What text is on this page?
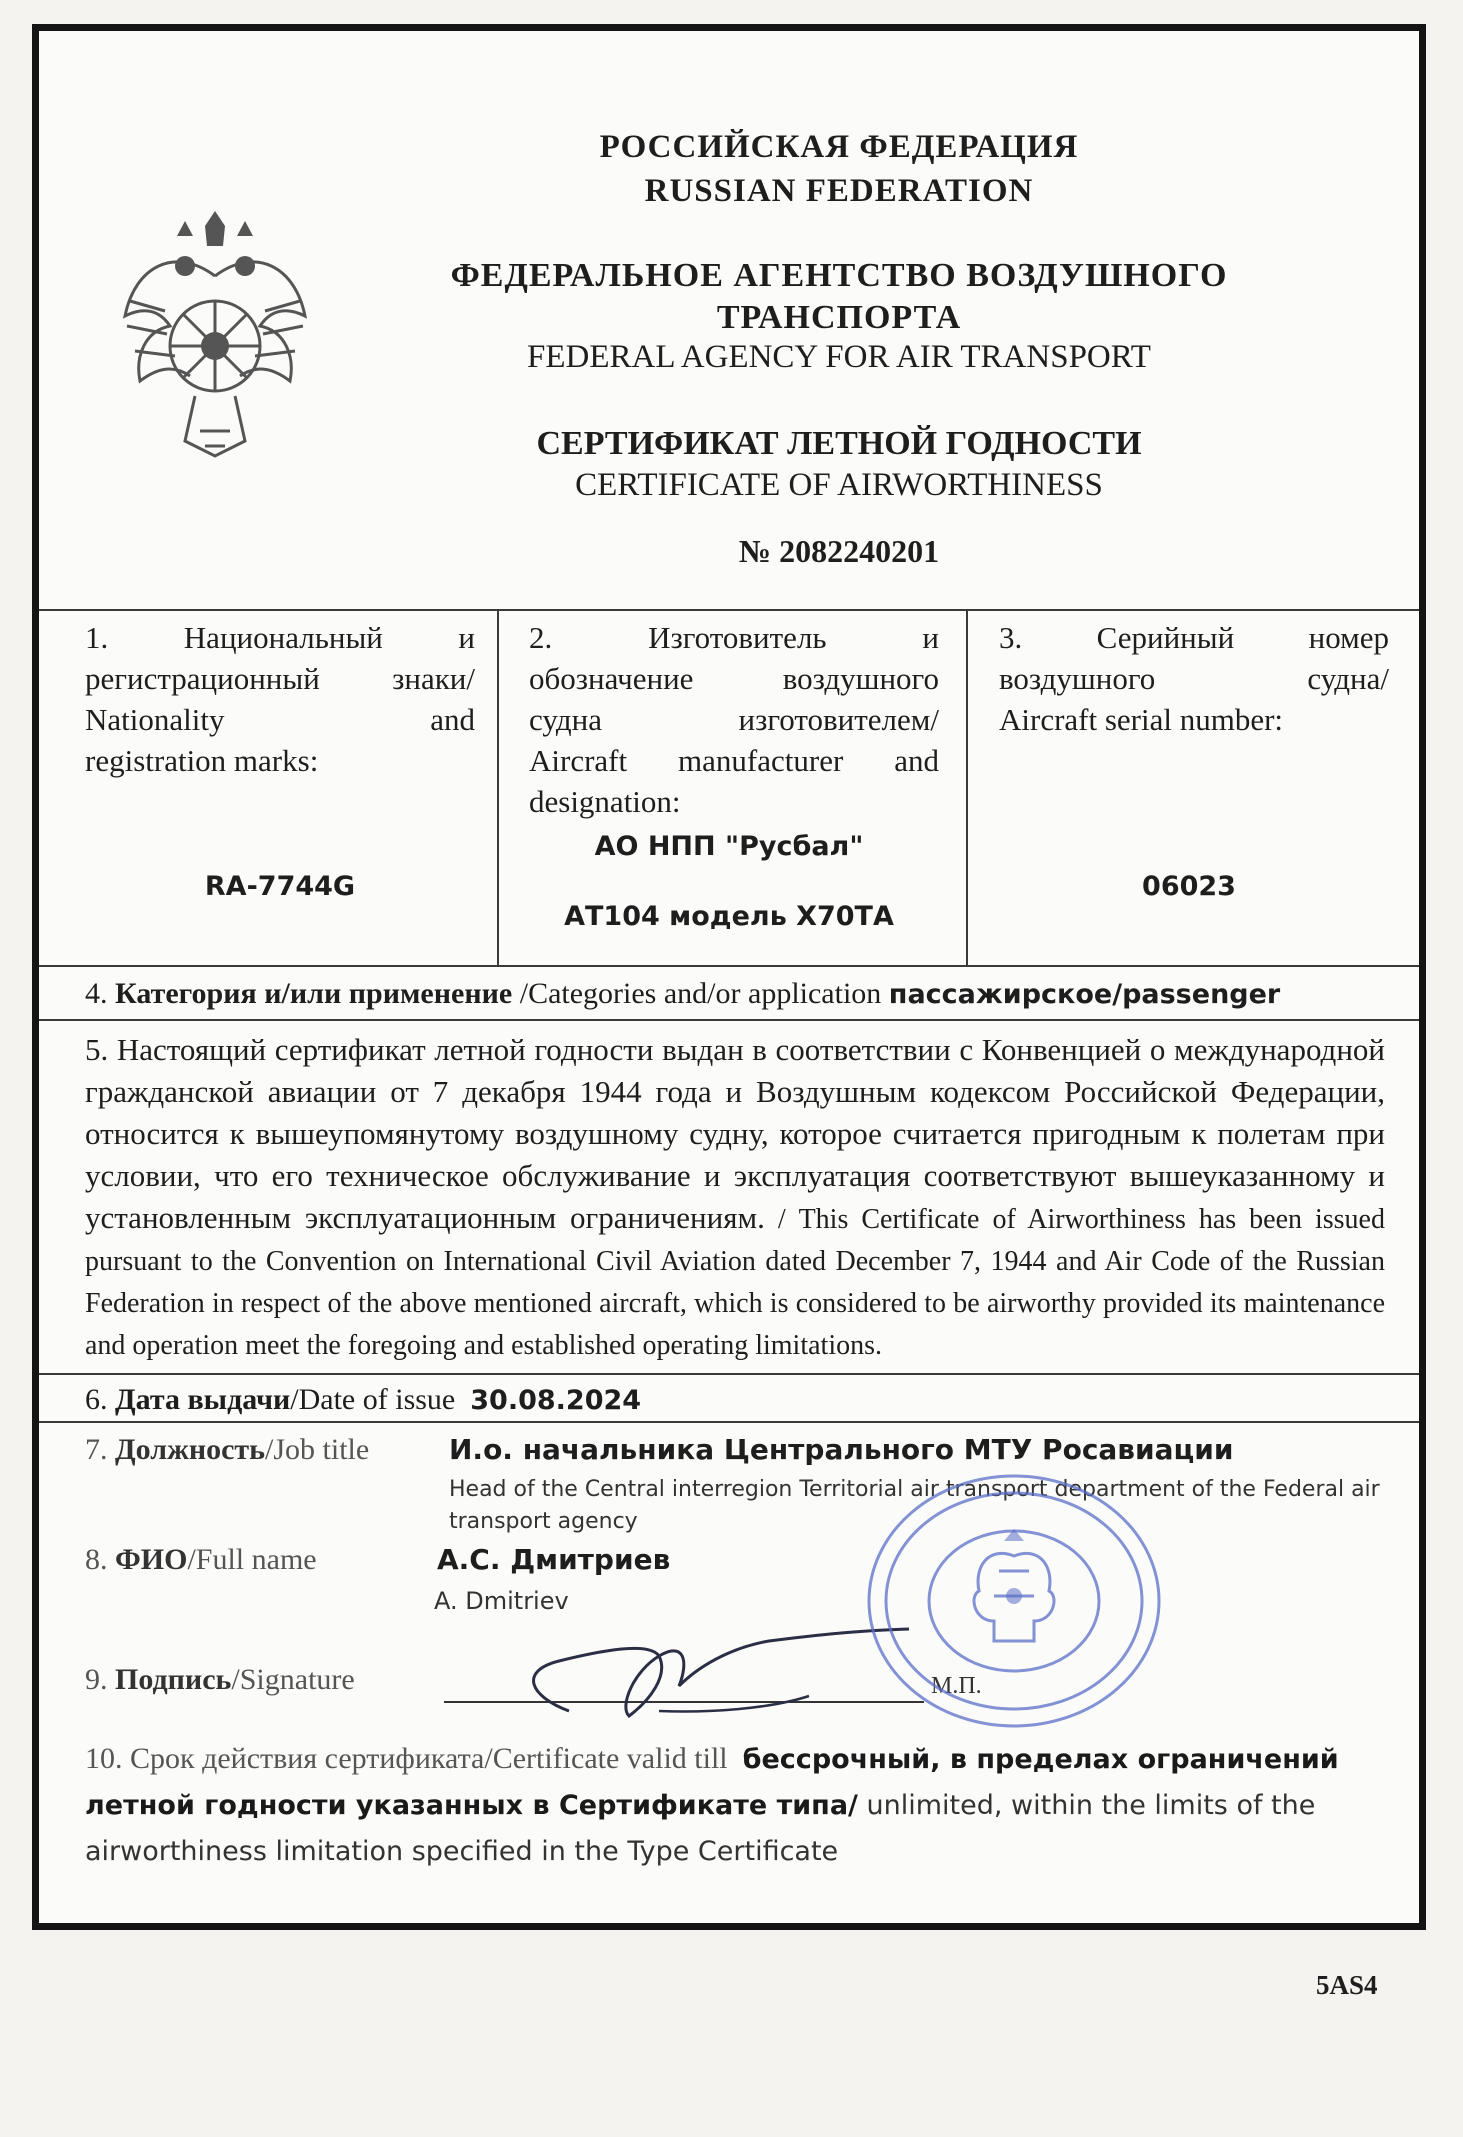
РОССИЙСКАЯ ФЕДЕРАЦИЯ
RUSSIAN FEDERATION
ФЕДЕРАЛЬНОЕ АГЕНТСТВО ВОЗДУШНОГО
ТРАНСПОРТА
FEDERAL AGENCY FOR AIR TRANSPORT
СЕРТИФИКАТ ЛЕТНОЙ ГОДНОСТИ
CERTIFICATE OF AIRWORTHINESS
№ 2082240201
1. Национальный и
регистрационный знаки/
Nationality and
registration marks:
RA-7744G
2. Изготовитель и
обозначение воздушного
судна изготовителем/
Aircraft manufacturer and
designation:
АО НПП "Русбал"
АТ104 модель Х70ТА
3. Серийный номер
воздушного судна/
Aircraft serial number:
06023
4. Категория и/или применение /Categories and/or application пассажирское/passenger
5. Настоящий сертификат летной годности выдан в соответствии с Конвенцией о международной гражданской авиации от 7 декабря 1944 года и Воздушным кодексом Российской Федерации, относится к вышеупомянутому воздушному судну, которое считается пригодным к полетам при условии, что его техническое обслуживание и эксплуатация соответствуют вышеуказанному и установленным эксплуатационным ограничениям. / This Certificate of Airworthiness has been issued pursuant to the Convention on International Civil Aviation dated December 7, 1944 and Air Code of the Russian Federation in respect of the above mentioned aircraft, which is considered to be airworthy provided its maintenance and operation meet the foregoing and established operating limitations.
6. Дата выдачи/Date of issue 30.08.2024
7. Должность/Job title	И.о. начальника Центрального МТУ Росавиации
Head of the Central interregion Territorial air transport department of the Federal air transport agency
8. ФИО/Full name	А.С. Дмитриев
A. Dmitriev
9. Подпись/Signature	М.П.
10. Срок действия сертификата/Certificate valid till бессрочный, в пределах ограничений летной годности указанных в Сертификате типа/ unlimited, within the limits of the airworthiness limitation specified in the Type Certificate
5AS4
